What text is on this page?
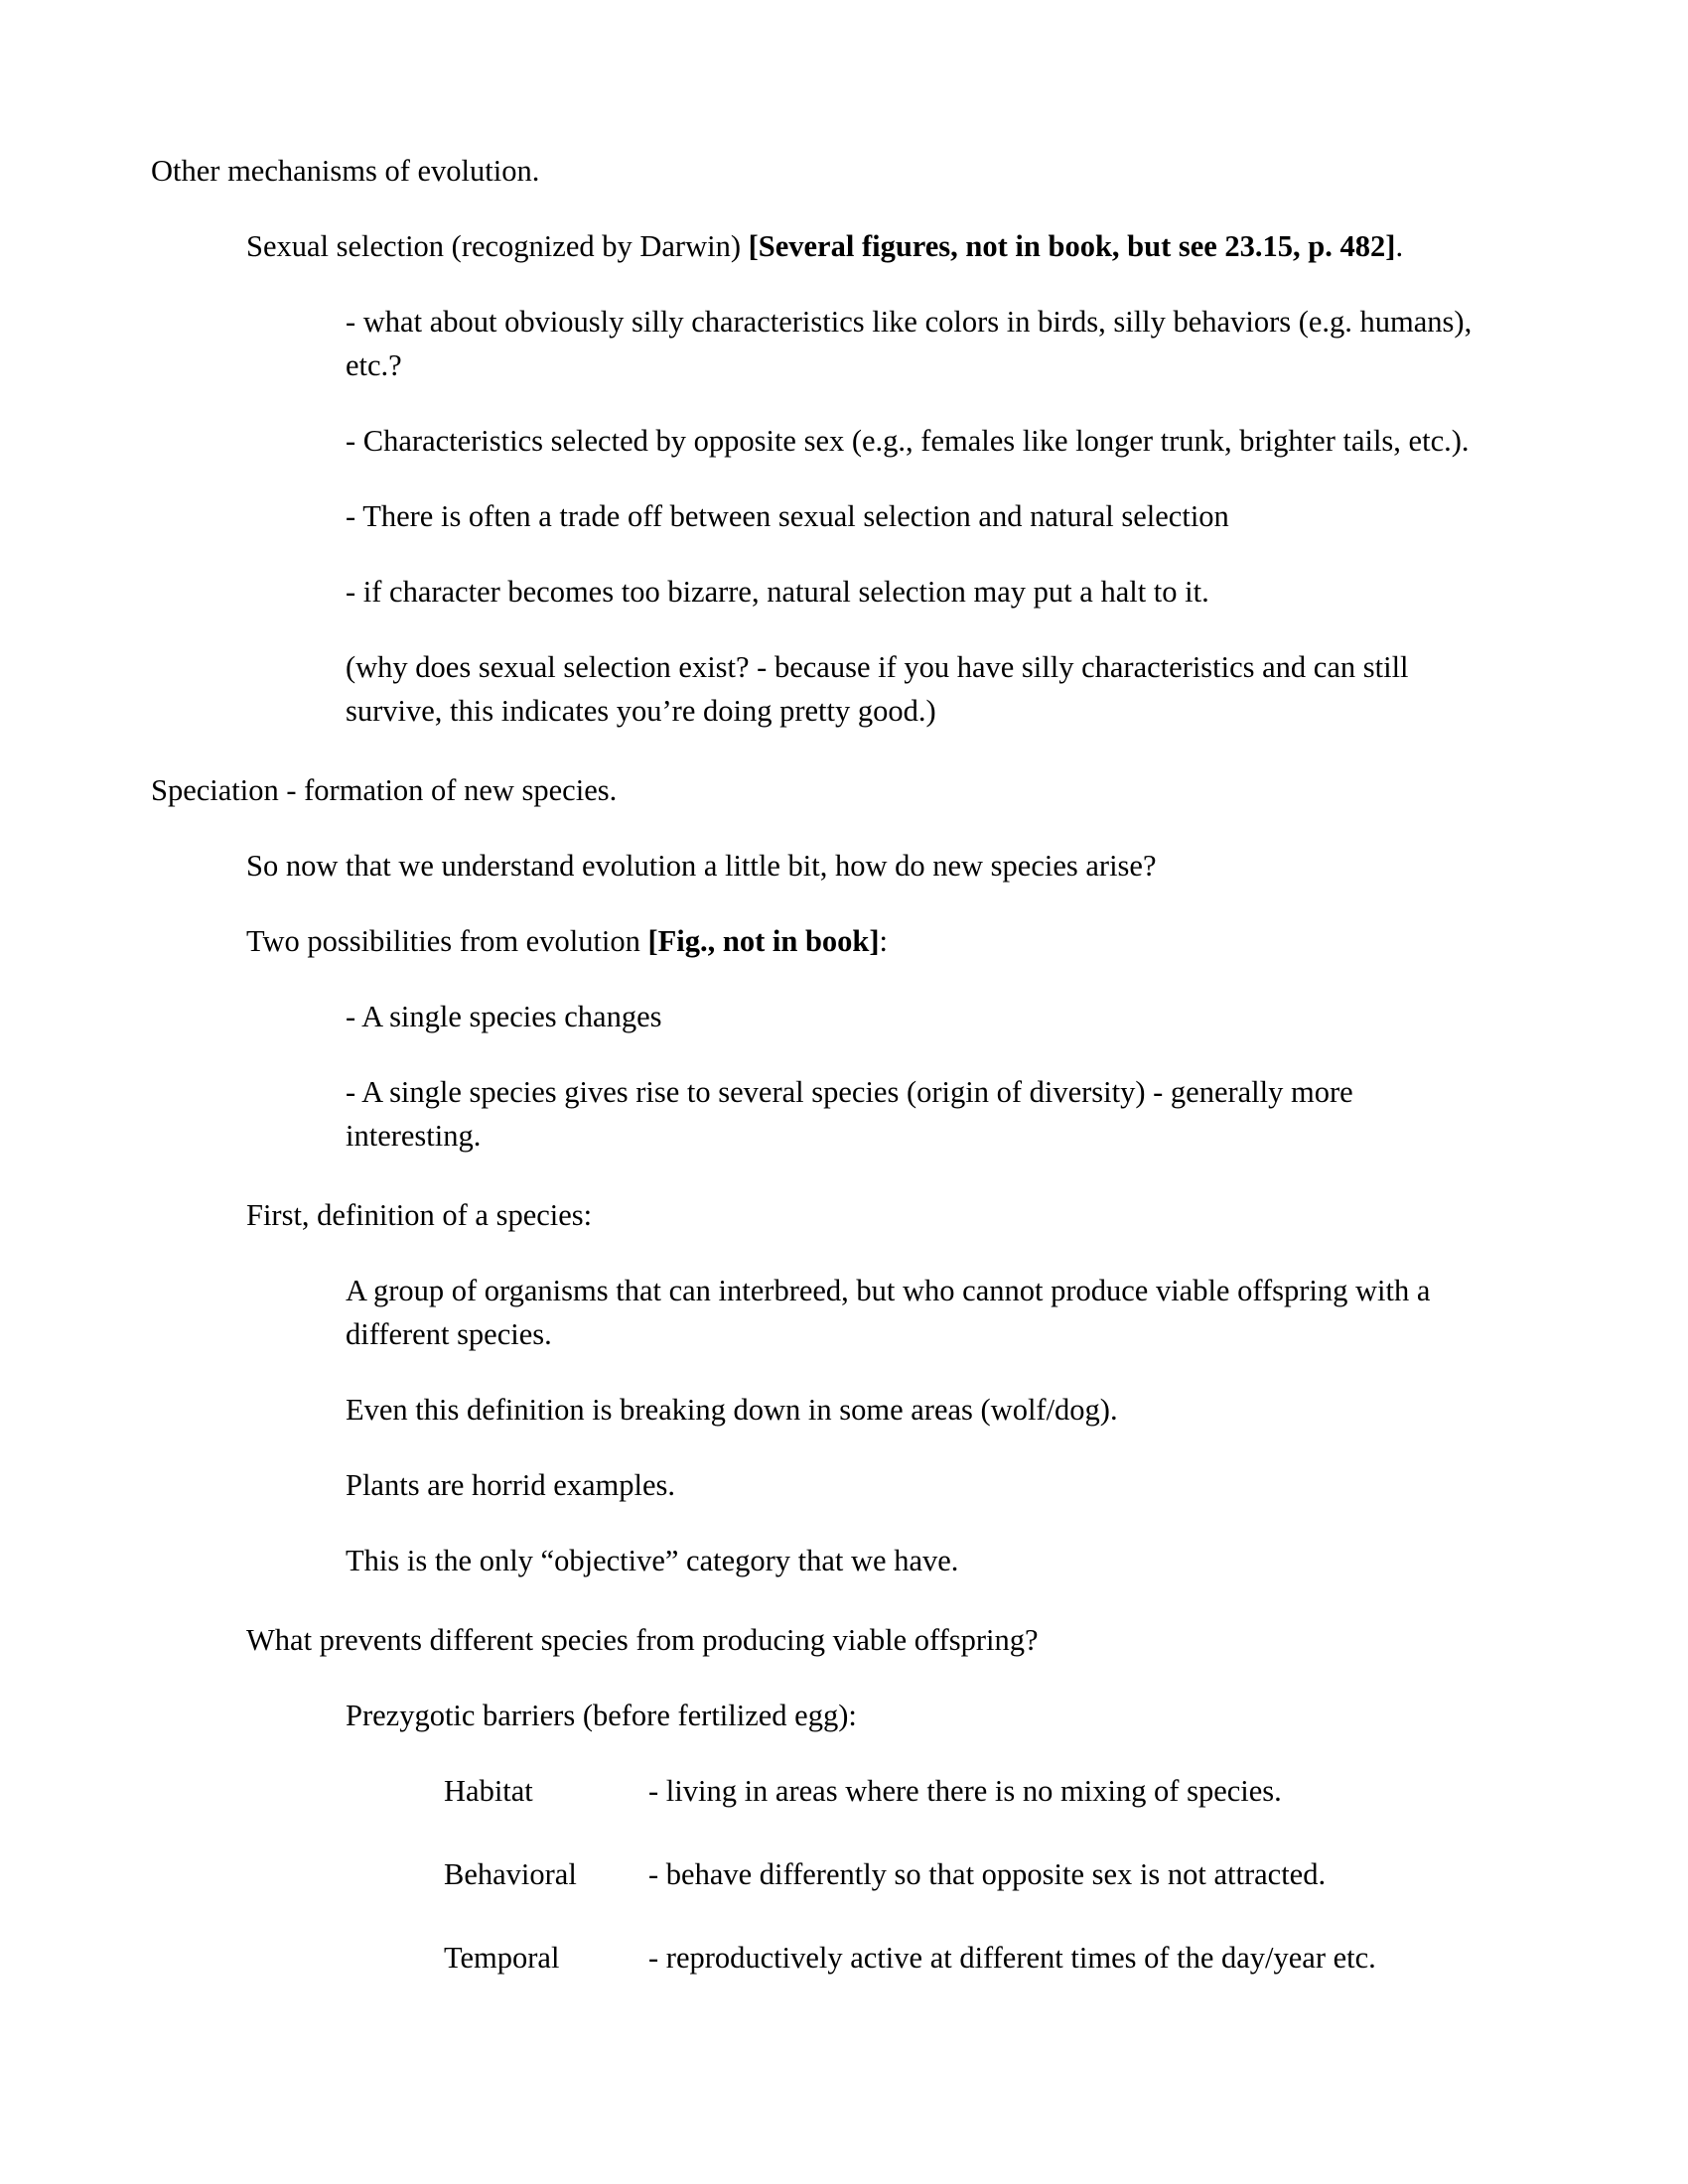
Other mechanisms of evolution.

Sexual selection (recognized by Darwin) [Several figures, not in book, but see 23.15, p. 482].

- what about obviously silly characteristics like colors in birds, silly behaviors (e.g. humans), etc.?

- Characteristics selected by opposite sex (e.g., females like longer trunk, brighter tails, etc.).

- There is often a trade off between sexual selection and natural selection

- if character becomes too bizarre, natural selection may put a halt to it.

(why does sexual selection exist? - because if you have silly characteristics and can still survive, this indicates you’re doing pretty good.)

Speciation - formation of new species.

So now that we understand evolution a little bit, how do new species arise?

Two possibilities from evolution [Fig., not in book]:

- A single species changes

- A single species gives rise to several species (origin of diversity) - generally more interesting.

First, definition of a species:

A group of organisms that can interbreed, but who cannot produce viable offspring with a different species.

Even this definition is breaking down in some areas (wolf/dog).

Plants are horrid examples.

This is the only “objective” category that we have.

What prevents different species from producing viable offspring?

Prezygotic barriers (before fertilized egg):

Habitat	- living in areas where there is no mixing of species.
Behavioral	- behave differently so that opposite sex is not attracted.
Temporal	- reproductively active at different times of the day/year etc.
